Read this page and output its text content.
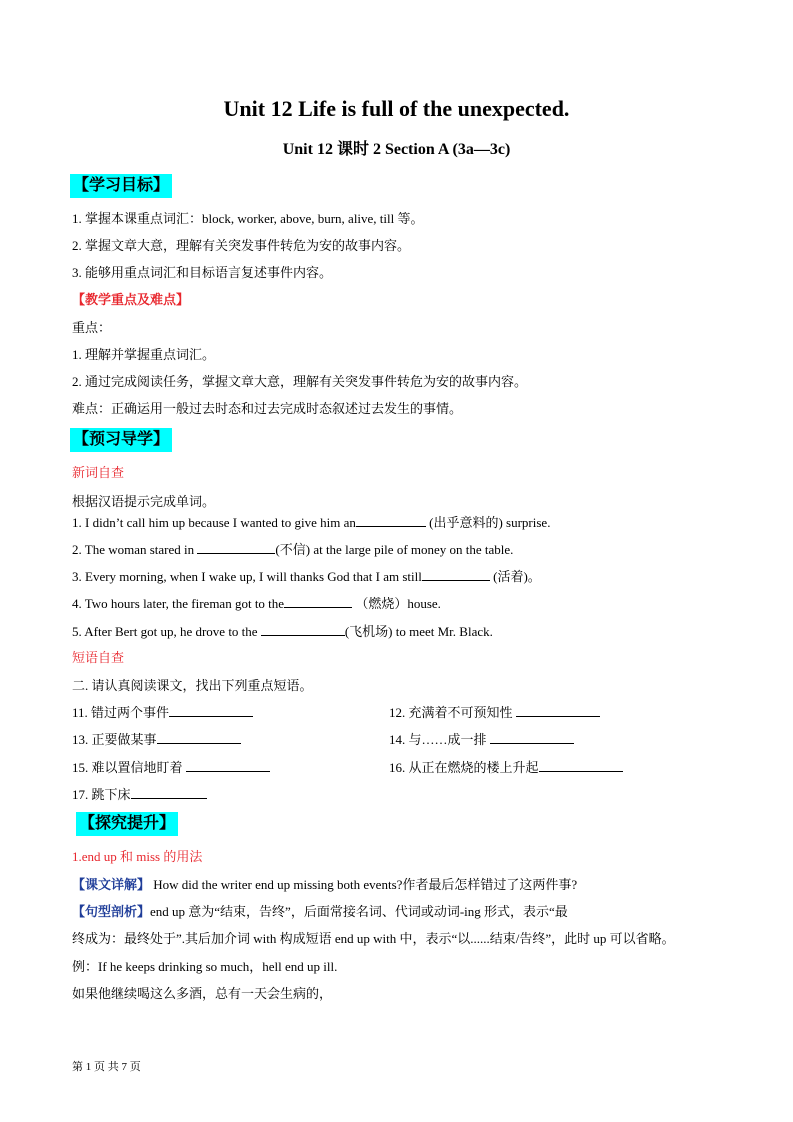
Unit 12 Life is full of the unexpected.
Unit 12 课时 2 Section A (3a—3c)
【学习目标】
1. 掌握本课重点词汇：block, worker, above, burn, alive, till 等。
2. 掌握文章大意，理解有关突发事件转危为安的故事内容。
3. 能够用重点词汇和目标语言复述事件内容。
【教学重点及难点】
重点：
1. 理解并掌握重点词汇。
2. 通过完成阅读任务，掌握文章大意，理解有关突发事件转危为安的故事内容。
难点：正确运用一般过去时态和过去完成时态叙述过去发生的事情。
【预习导学】
新词自查
根据汉语提示完成单词。
1. I didn’t call him up because I wanted to give him an	(出乎意料的) surprise.
2. The woman stared in	(不信) at the large pile of money on the table.
3. Every morning, when I wake up, I will thanks God that I am still	(活着)。
4. Two hours later, the fireman got to the	（燃烧）house.
5. After Bert got up, he drove to the	(飞机场) to meet Mr. Black.
短语自查
二. 请认真阅读课文，找出下列重点短语。
11. 错过两个事件	12. 充满着不可预知性
13. 正要做某事	14. 与……成一排
15. 难以置信地盯着	16. 从正在燃烧的楼上升起
17. 跳下床
【探究提升】
1.end up 和 miss 的用法
【课文详解】 How did the writer end up missing both events?作者最后怎样错过了这两件事?
【句型剖析】end up 意为“结束，告终”，后面常接名词、代词或动词-ing 形式，表示“最
终成为：最终处于”.其后加介词 with 构成短语 end up with 中，表示“以......结束/告终”，此时 up 可以省略。
例：If he keeps drinking so much，hell end up ill.
如果他继续喝这么多酒，总有一天会生病的，
第 1 页 共 7 页
